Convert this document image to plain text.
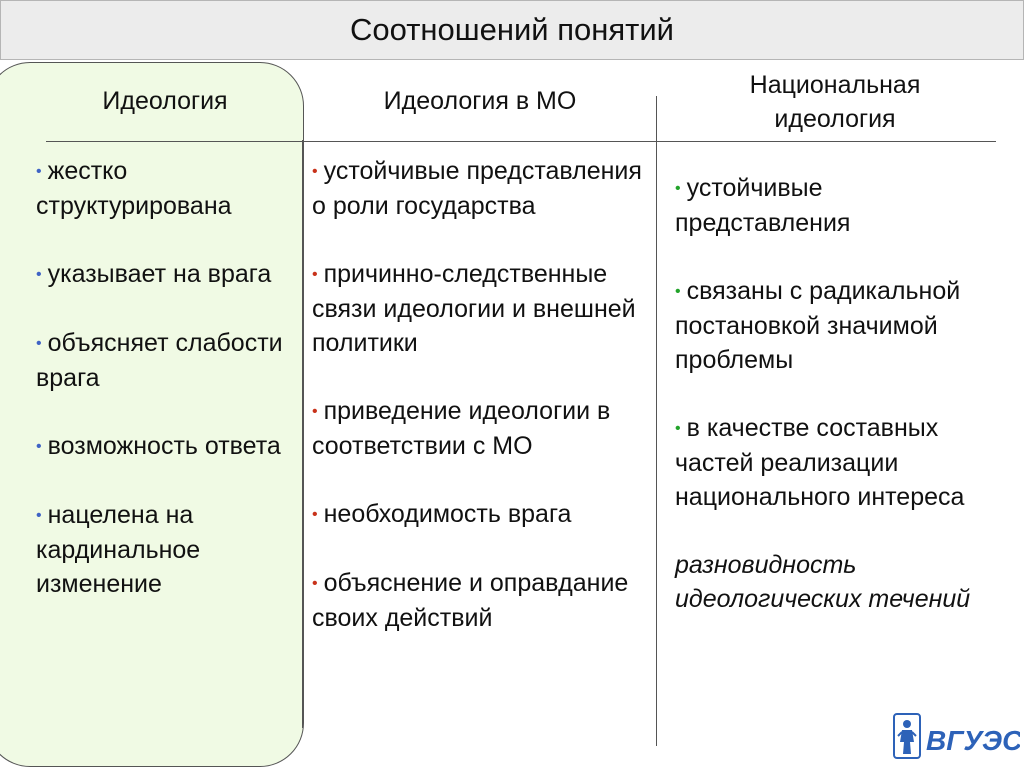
Соотношений понятий
Идеология	Идеология в МО
Национальная идеология

• жестко структурирована

• указывает на врага

• объясняет слабости врага

• возможность ответа

• нацелена на кардинальное изменение

• устойчивые представления о роли государства

• причинно-следственные связи идеологии и внешней политики

• приведение идеологии в соответствии с МО

• необходимость врага

• объяснение и оправдание своих действий

• устойчивые представления

• связаны с радикальной постановкой значимой проблемы

• в качестве составных частей реализации национального интереса

разновидность идеологических течений

ВГУЭС
